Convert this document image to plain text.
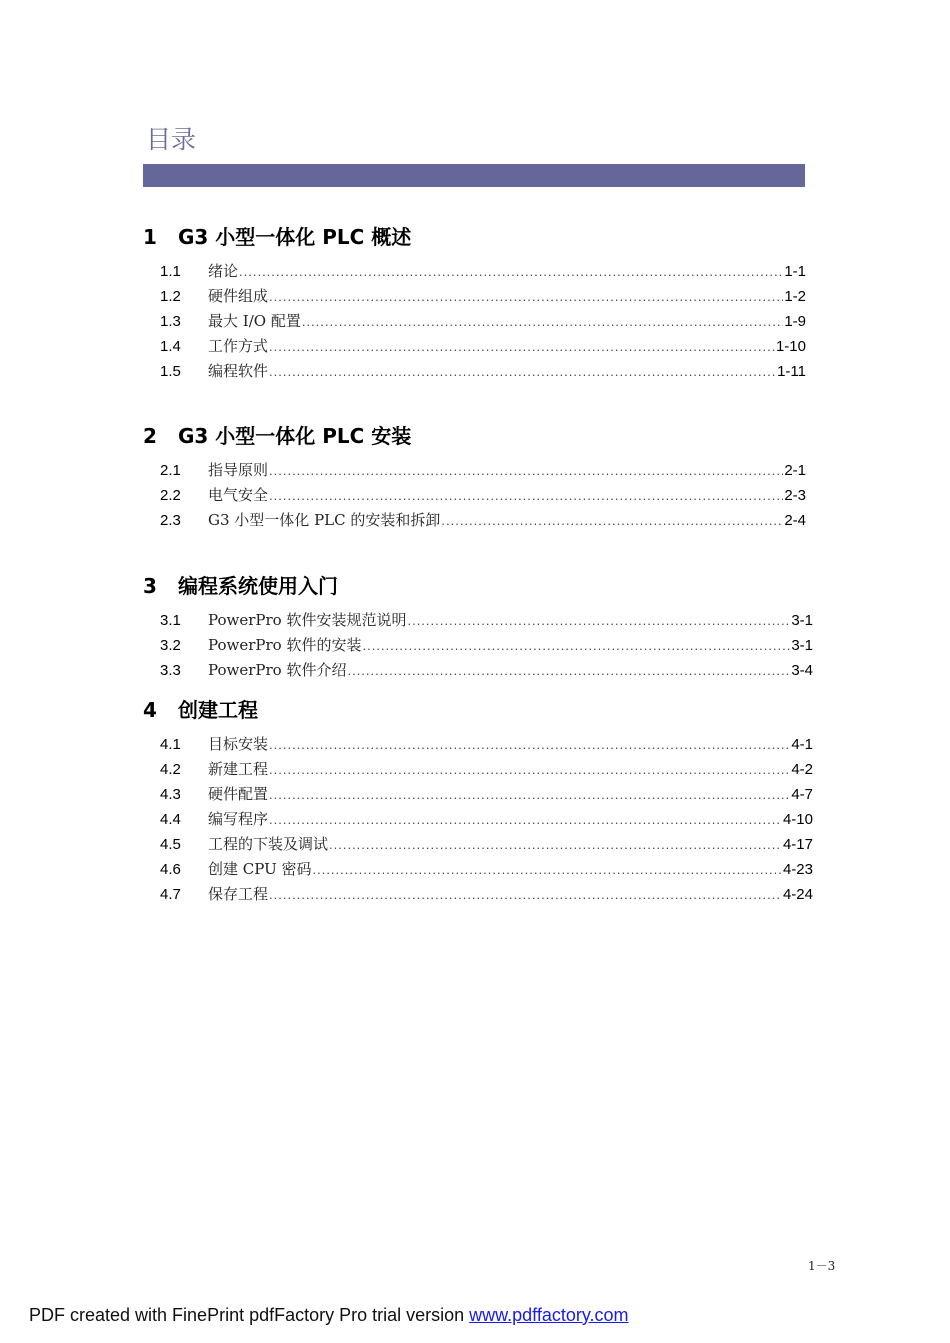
目录
1 G3 小型一体化 PLC 概述
1.1	绪论 .....	1-1
1.2	硬件组成 .....	1-2
1.3	最大 I/O 配置 .....	1-9
1.4	工作方式 .....	1-10
1.5	编程软件 .....	1-11
2 G3 小型一体化 PLC 安装
2.1	指导原则 .....	2-1
2.2	电气安全 .....	2-3
2.3	G3 小型一体化 PLC 的安装和拆卸 .....	2-4
3 编程系统使用入门
3.1	PowerPro 软件安装规范说明 .....	3-1
3.2	PowerPro 软件的安装 .....	3-1
3.3	PowerPro 软件介绍 .....	3-4
4 创建工程
4.1	目标安装 .....	4-1
4.2	新建工程 .....	4-2
4.3	硬件配置 .....	4-7
4.4	编写程序 .....	4-10
4.5	工程的下装及调试 .....	4-17
4.6	创建 CPU 密码 .....	4-23
4.7	保存工程 .....	4-24
1－3
PDF created with FinePrint pdfFactory Pro trial version www.pdffactory.com
